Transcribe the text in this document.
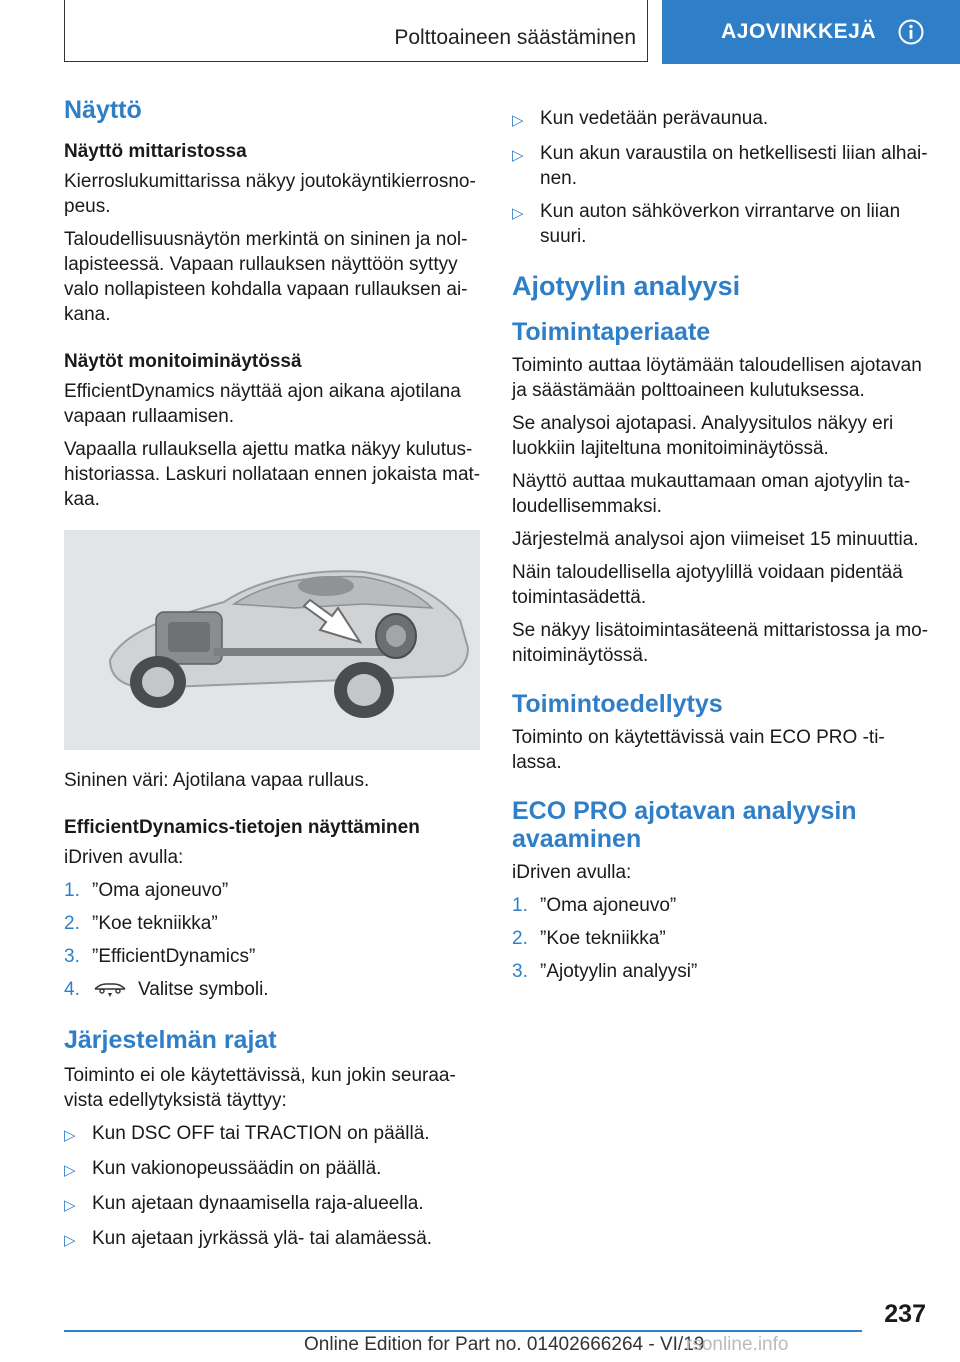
Polttoaineen säästäminen	AJOVINKKEJÄ
Näyttö
Näyttö mittaristossa

Kierroslukumittarissa näkyy joutokäyntikierrosno-peus.

Taloudellisuusnäytön merkintä on sininen ja nol-lapisteessä. Vapaan rullauksen näyttöön syttyy valo nollapisteen kohdalla vapaan rullauksen ai-kana.

Näytöt monitoiminäytössä

EfficientDynamics näyttää ajon aikana ajotilana vapaan rullaamisen.

Vapaalla rullauksella ajettu matka näkyy kulutus-historiassa. Laskuri nollataan ennen jokaista mat-kaa.

Sininen väri: Ajotilana vapaa rullaus.

EfficientDynamics-tietojen näyttäminen

iDriven avulla:

1. ”Oma ajoneuvo”
2. ”Koe tekniikka”
3. ”EfficientDynamics”
4.	Valitse symboli.
Järjestelmän rajat

Toiminto ei ole käytettävissä, kun jokin seuraa-vista edellytyksistä täyttyy:

▷ Kun DSC OFF tai TRACTION on päällä.
▷ Kun vakionopeussäädin on päällä.
▷ Kun ajetaan dynaamisella raja-alueella.
▷ Kun ajetaan jyrkässä ylä- tai alamäessä.
▷ Kun vedetään perävaunua.
▷ Kun akun varaustila on hetkellisesti liian alhai-nen.
▷ Kun auton sähköverkon virrantarve on liian suuri.
Ajotyylin analyysi
Toimintaperiaate

Toiminto auttaa löytämään taloudellisen ajotavan ja säästämään polttoaineen kulutuksessa.

Se analysoi ajotapasi. Analyysitulos näkyy eri luokkiin lajiteltuna monitoiminäytössä.

Näyttö auttaa mukauttamaan oman ajotyylin ta-loudellisemmaksi.

Järjestelmä analysoi ajon viimeiset 15 minuuttia.

Näin taloudellisella ajotyylillä voidaan pidentää toimintasädettä.

Se näkyy lisätoimintasäteenä mittaristossa ja mo-nitoiminäytössä.

Toimintoedellytys

Toiminto on käytettävissä vain ECO PRO -ti-lassa.

ECO PRO ajotavan analyysin avaaminen

iDriven avulla:

1. ”Oma ajoneuvo”
2. ”Koe tekniikka”
3. ”Ajotyylin analyysi”
237
Online Edition for Part no. 01402666264 - VI/19
rsonline.info
